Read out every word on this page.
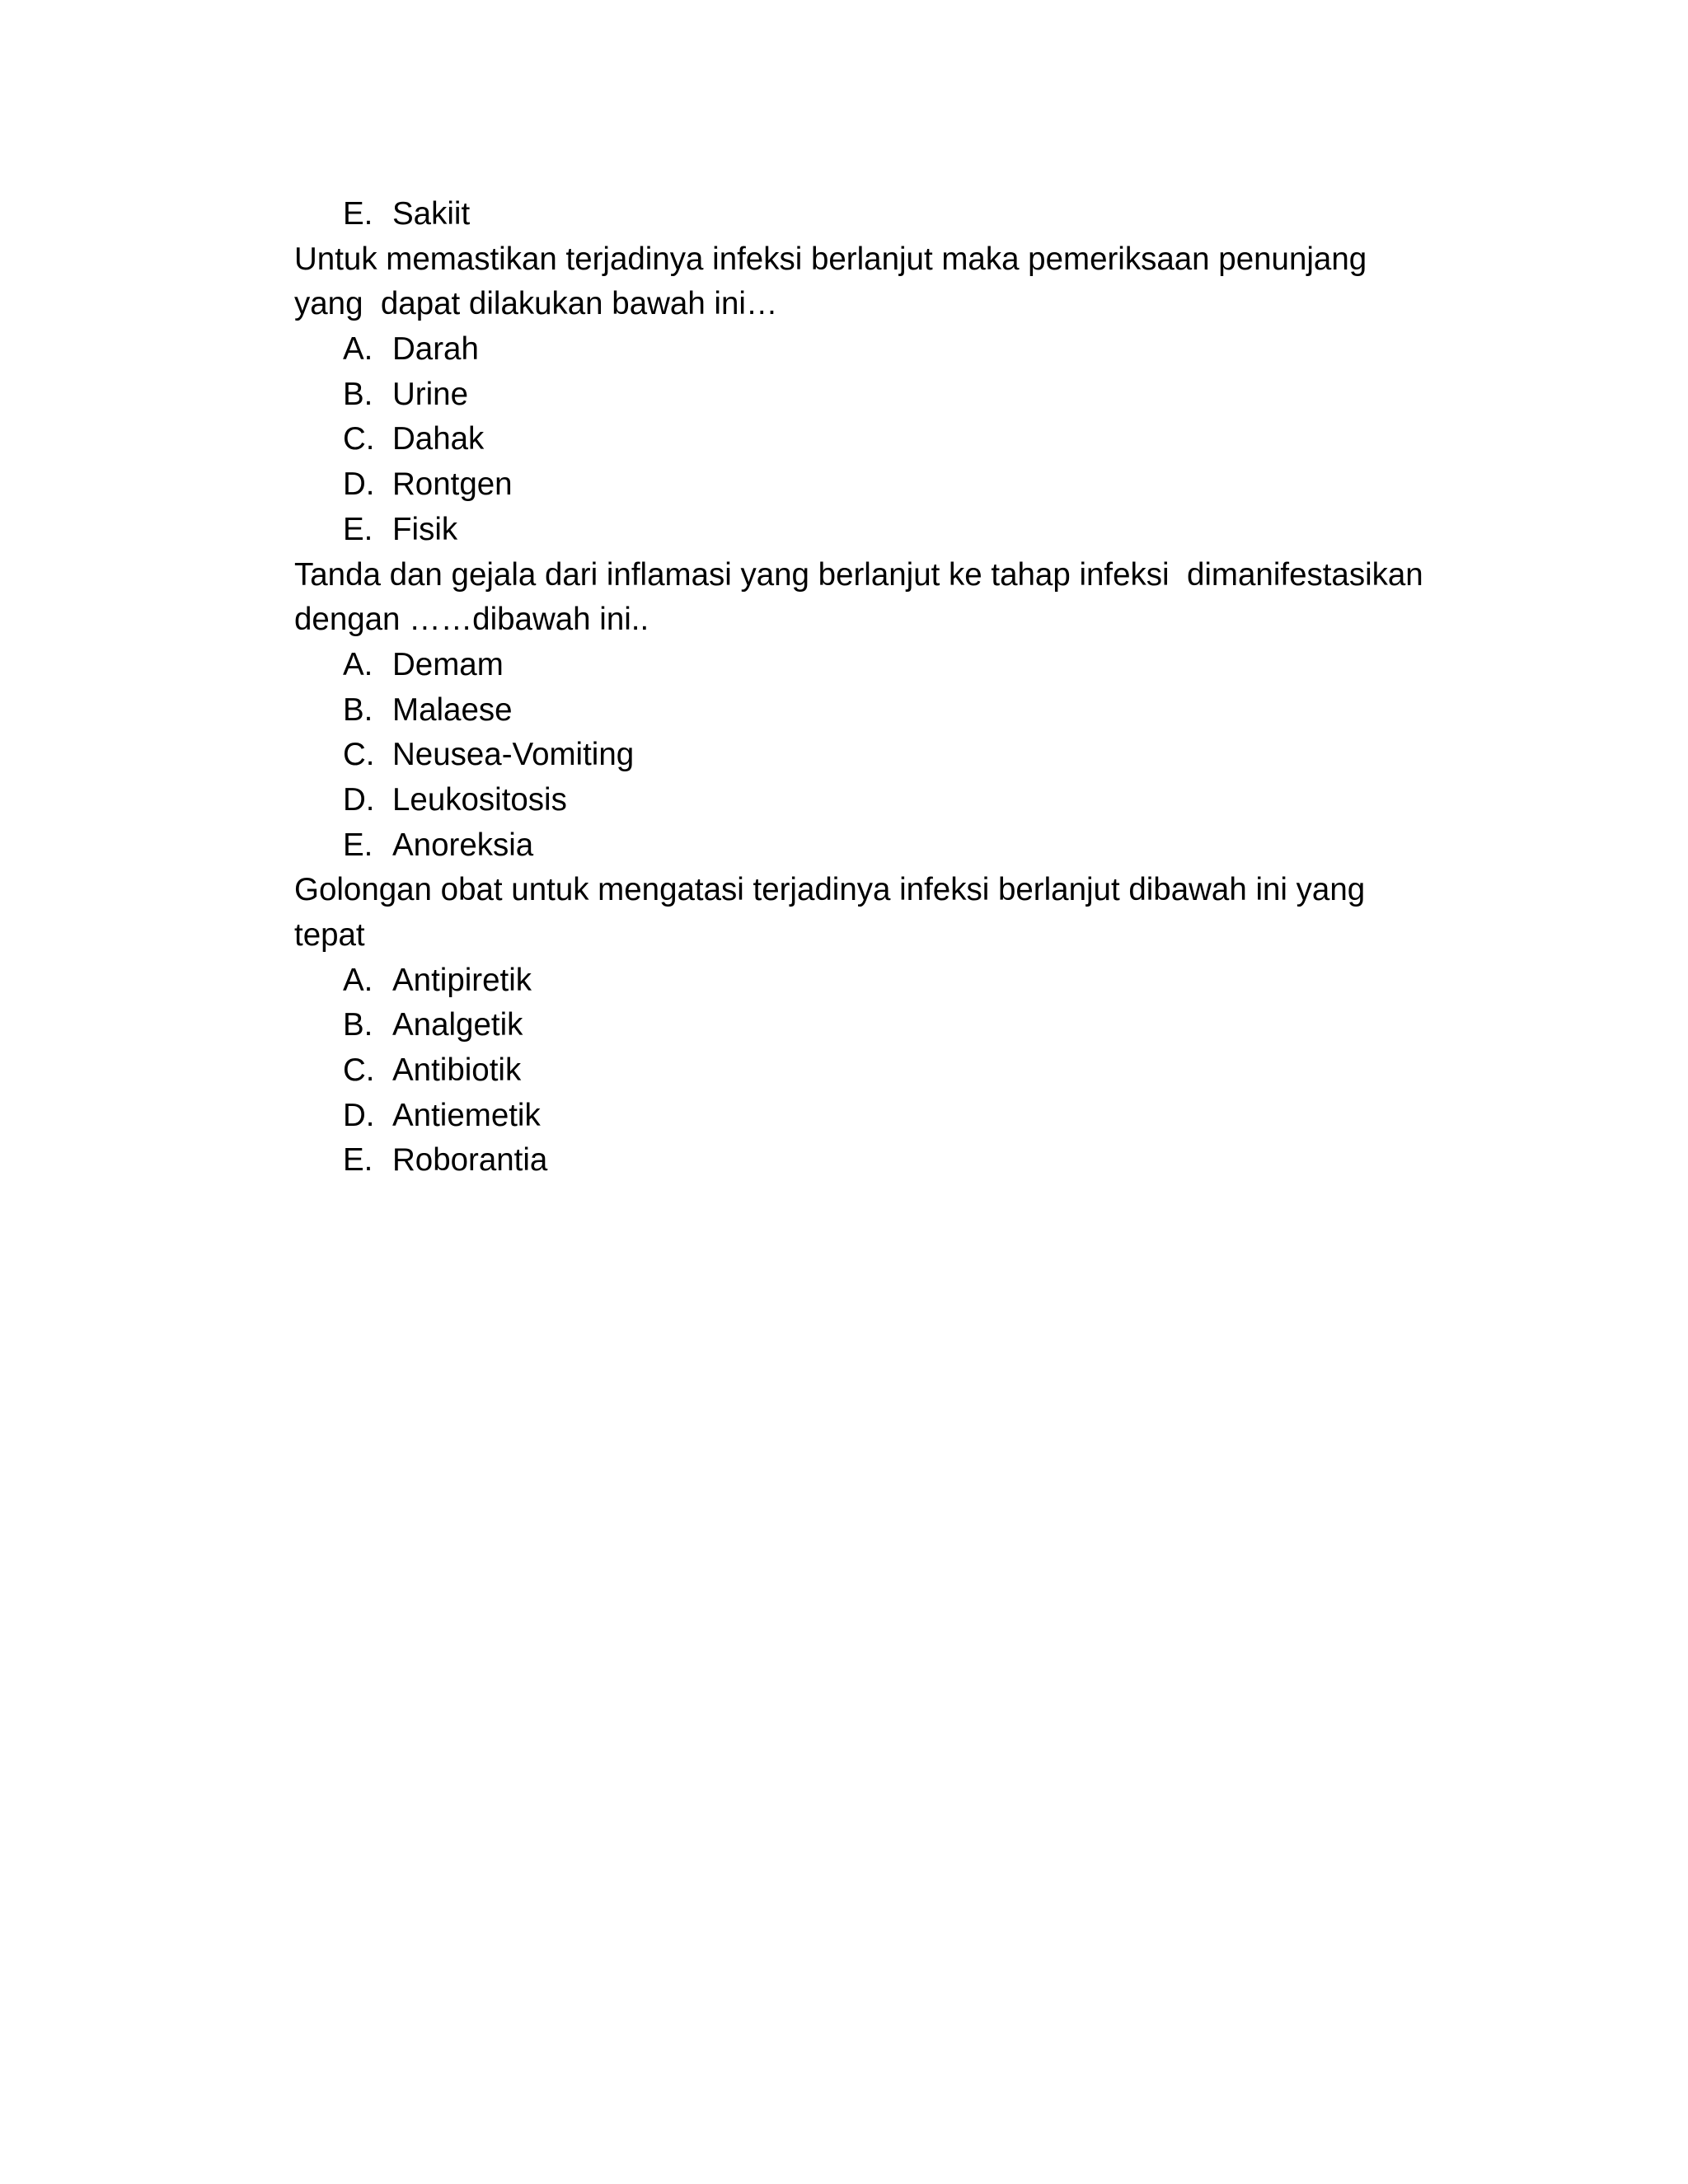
E. Sakiit
Untuk memastikan terjadinya infeksi berlanjut maka pemeriksaan penunjang
yang  dapat dilakukan bawah ini…
A. Darah
B. Urine
C. Dahak
D. Rontgen
E. Fisik
Tanda dan gejala dari inflamasi yang berlanjut ke tahap infeksi  dimanifestasikan
dengan ……dibawah ini..
A. Demam
B. Malaese
C. Neusea-Vomiting
D. Leukositosis
E. Anoreksia
Golongan obat untuk mengatasi terjadinya infeksi berlanjut dibawah ini yang
tepat
A. Antipiretik
B. Analgetik
C. Antibiotik
D. Antiemetik
E. Roborantia
